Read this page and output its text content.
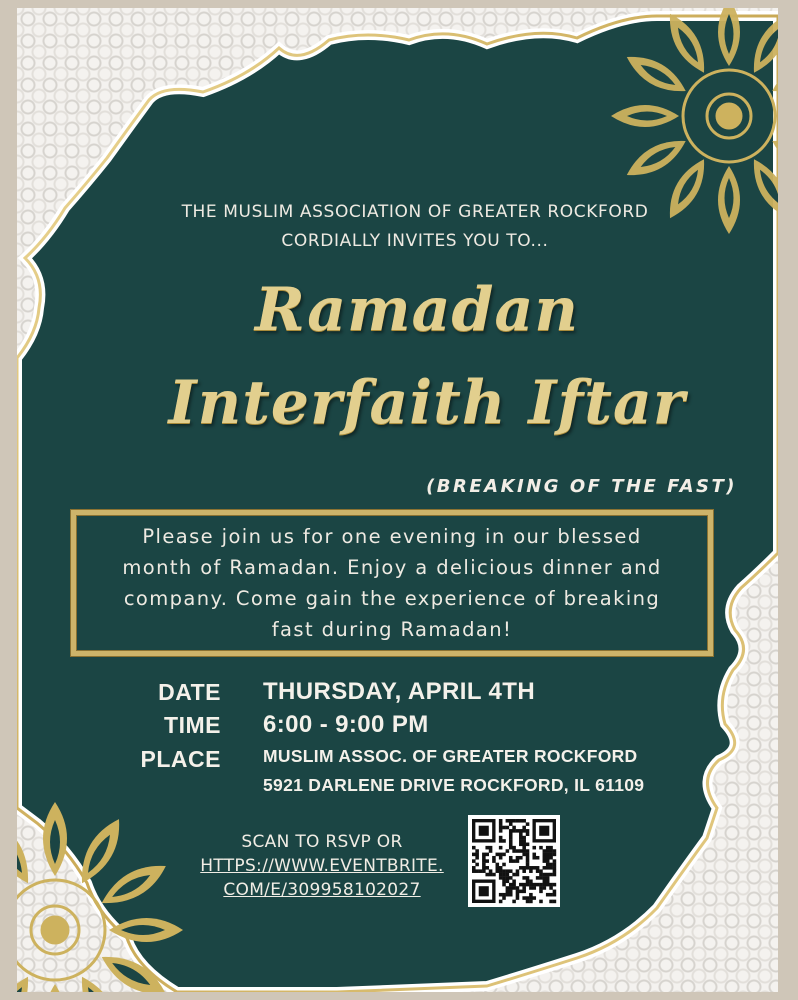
THE MUSLIM ASSOCIATION OF GREATER ROCKFORD
CORDIALLY INVITES YOU TO...
Ramadan
Interfaith Iftar
(BREAKING OF THE FAST)
Please join us for one evening in our blessed
month of Ramadan. Enjoy a delicious dinner and
company. Come gain the experience of breaking
fast during Ramadan!
DATE THURSDAY, APRIL 4TH
TIME 6:00 - 9:00 PM
PLACE MUSLIM ASSOC. OF GREATER ROCKFORD
5921 DARLENE DRIVE ROCKFORD, IL 61109
SCAN TO RSVP OR
HTTPS://WWW.EVENTBRITE.
COM/E/309958102027
